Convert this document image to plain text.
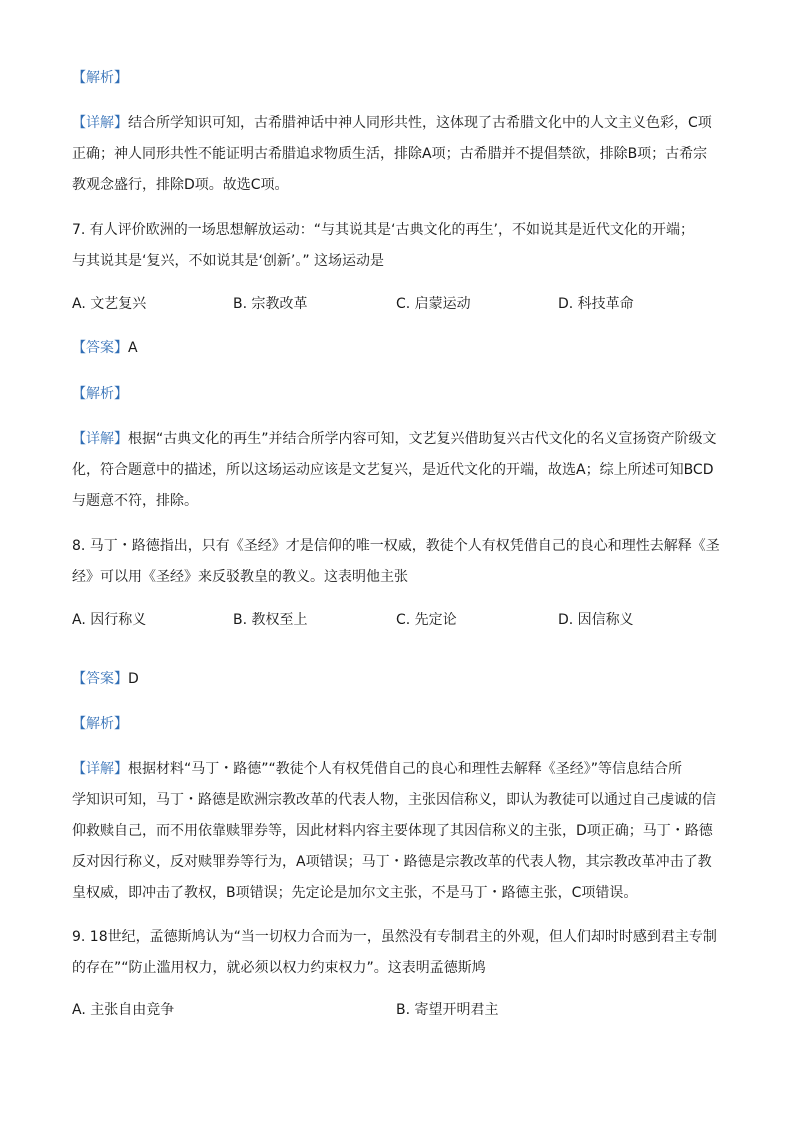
【解析】

【详解】结合所学知识可知，古希腊神话中神人同形共性，这体现了古希腊文化中的人文主义色彩，C项
正确；神人同形共性不能证明古希腊追求物质生活，排除A项；古希腊并不提倡禁欲，排除B项；古希宗
教观念盛行，排除D项。故选C项。

7. 有人评价欧洲的一场思想解放运动：“与其说其是‘古典文化的再生’，不如说其是近代文化的开端；
与其说其是‘复兴，不如说其是‘创新’。” 这场运动是

A. 文艺复兴	B. 宗教改革	C. 启蒙运动	D. 科技革命

【答案】A

【解析】

【详解】根据“古典文化的再生”并结合所学内容可知，文艺复兴借助复兴古代文化的名义宣扬资产阶级文
化，符合题意中的描述，所以这场运动应该是文艺复兴，是近代文化的开端，故选A；综上所述可知BCD
与题意不符，排除。

8. 马丁・路德指出，只有《圣经》才是信仰的唯一权威，教徒个人有权凭借自己的良心和理性去解释《圣
经》可以用《圣经》来反驳教皇的教义。这表明他主张

A. 因行称义	B. 教权至上	C. 先定论	D. 因信称义

【答案】D

【解析】

【详解】根据材料“马丁・路德”“教徒个人有权凭借自己的良心和理性去解释《圣经》”等信息结合所
学知识可知，马丁・路德是欧洲宗教改革的代表人物，主张因信称义，即认为教徒可以通过自己虔诚的信
仰救赎自己，而不用依靠赎罪券等，因此材料内容主要体现了其因信称义的主张，D项正确；马丁・路德
反对因行称义，反对赎罪券等行为，A项错误；马丁・路德是宗教改革的代表人物，其宗教改革冲击了教
皇权威，即冲击了教权，B项错误；先定论是加尔文主张，不是马丁・路德主张，C项错误。

9. 18世纪，孟德斯鸠认为“当一切权力合而为一，虽然没有专制君主的外观，但人们却时时感到君主专制
的存在”“防止滥用权力，就必须以权力约束权力”。这表明孟德斯鸠

A. 主张自由竞争	B. 寄望开明君主
